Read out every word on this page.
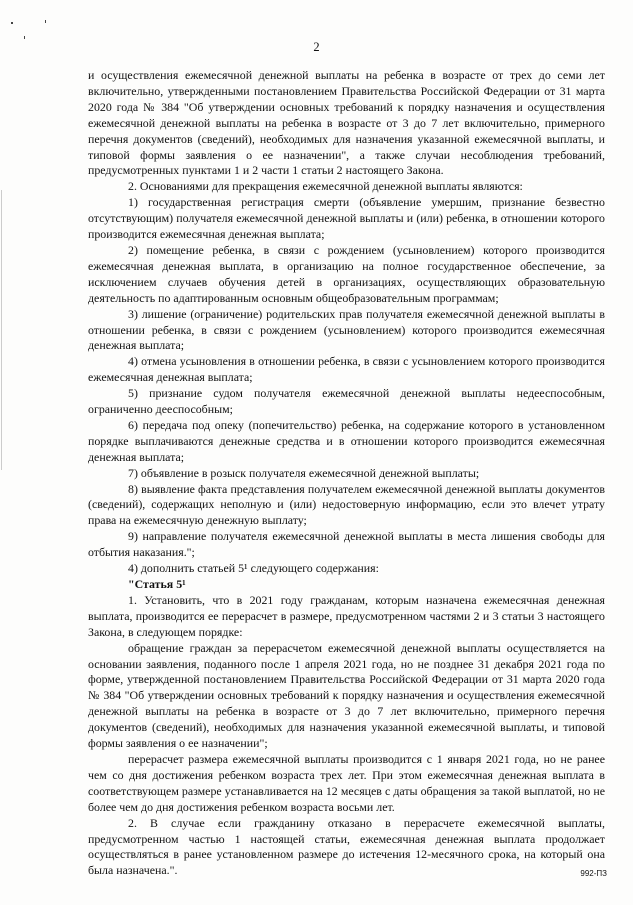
2

и осуществления ежемесячной денежной выплаты на ребенка в возрасте от трех до семи лет включительно, утвержденными постановлением Правительства Российской Федерации от 31 марта 2020 года № 384 "Об утверждении основных требований к порядку назначения и осуществления ежемесячной денежной выплаты на ребенка в возрасте от 3 до 7 лет включительно, примерного перечня документов (сведений), необходимых для назначения указанной ежемесячной выплаты, и типовой формы заявления о ее назначении", а также случаи несоблюдения требований, предусмотренных пунктами 1 и 2 части 1 статьи 2 настоящего Закона.

2. Основаниями для прекращения ежемесячной денежной выплаты являются:

1) государственная регистрация смерти (объявление умершим, признание безвестно отсутствующим) получателя ежемесячной денежной выплаты и (или) ребенка, в отношении которого производится ежемесячная денежная выплата;

2) помещение ребенка, в связи с рождением (усыновлением) которого производится ежемесячная денежная выплата, в организацию на полное государственное обеспечение, за исключением случаев обучения детей в организациях, осуществляющих образовательную деятельность по адаптированным основным общеобразовательным программам;

3) лишение (ограничение) родительских прав получателя ежемесячной денежной выплаты в отношении ребенка, в связи с рождением (усыновлением) которого производится ежемесячная денежная выплата;

4) отмена усыновления в отношении ребенка, в связи с усыновлением которого производится ежемесячная денежная выплата;

5) признание судом получателя ежемесячной денежной выплаты недееспособным, ограниченно дееспособным;

6) передача под опеку (попечительство) ребенка, на содержание которого в установленном порядке выплачиваются денежные средства и в отношении которого производится ежемесячная денежная выплата;

7) объявление в розыск получателя ежемесячной денежной выплаты;

8) выявление факта представления получателем ежемесячной денежной выплаты документов (сведений), содержащих неполную и (или) недостоверную информацию, если это влечет утрату права на ежемесячную денежную выплату;

9) направление получателя ежемесячной денежной выплаты в места лишения свободы для отбытия наказания.";

4) дополнить статьей 5¹ следующего содержания:

"Статья 5¹

1. Установить, что в 2021 году гражданам, которым назначена ежемесячная денежная выплата, производится ее перерасчет в размере, предусмотренном частями 2 и 3 статьи 3 настоящего Закона, в следующем порядке:

обращение граждан за перерасчетом ежемесячной денежной выплаты осуществляется на основании заявления, поданного после 1 апреля 2021 года, но не позднее 31 декабря 2021 года по форме, утвержденной постановлением Правительства Российской Федерации от 31 марта 2020 года № 384 "Об утверждении основных требований к порядку назначения и осуществления ежемесячной денежной выплаты на ребенка в возрасте от 3 до 7 лет включительно, примерного перечня документов (сведений), необходимых для назначения указанной ежемесячной выплаты, и типовой формы заявления о ее назначении";

перерасчет размера ежемесячной выплаты производится с 1 января 2021 года, но не ранее чем со дня достижения ребенком возраста трех лет. При этом ежемесячная денежная выплата в соответствующем размере устанавливается на 12 месяцев с даты обращения за такой выплатой, но не более чем до дня достижения ребенком возраста восьми лет.

2. В случае если гражданину отказано в перерасчете ежемесячной выплаты, предусмотренном частью 1 настоящей статьи, ежемесячная денежная выплата продолжает осуществляться в ранее установленном размере до истечения 12-месячного срока, на который она была назначена.".	992-ПЗ
